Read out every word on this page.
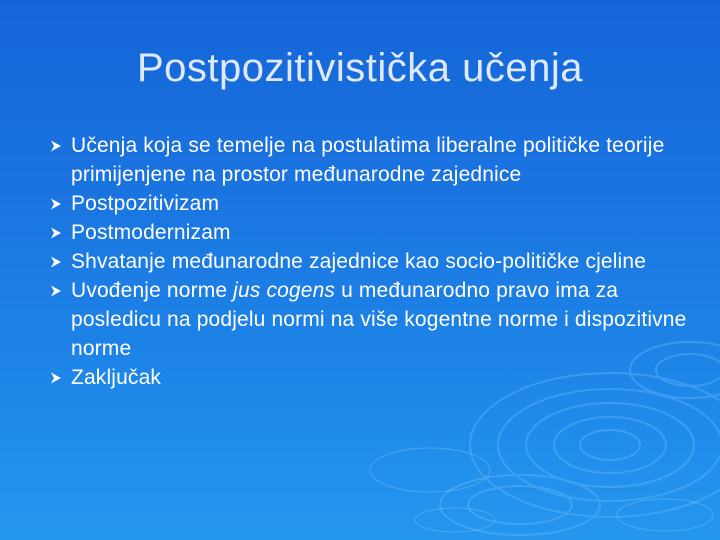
Postpozitivistička učenja
Učenja koja se temelje na postulatima liberalne političke teorije primijenjene na prostor međunarodne zajednice
Postpozitivizam
Postmodernizam
Shvatanje međunarodne zajednice kao socio-političke cjeline
Uvođenje norme jus cogens u međunarodno pravo ima za posledicu na podjelu normi na više kogentne norme i dispozitivne norme
Zaključak
